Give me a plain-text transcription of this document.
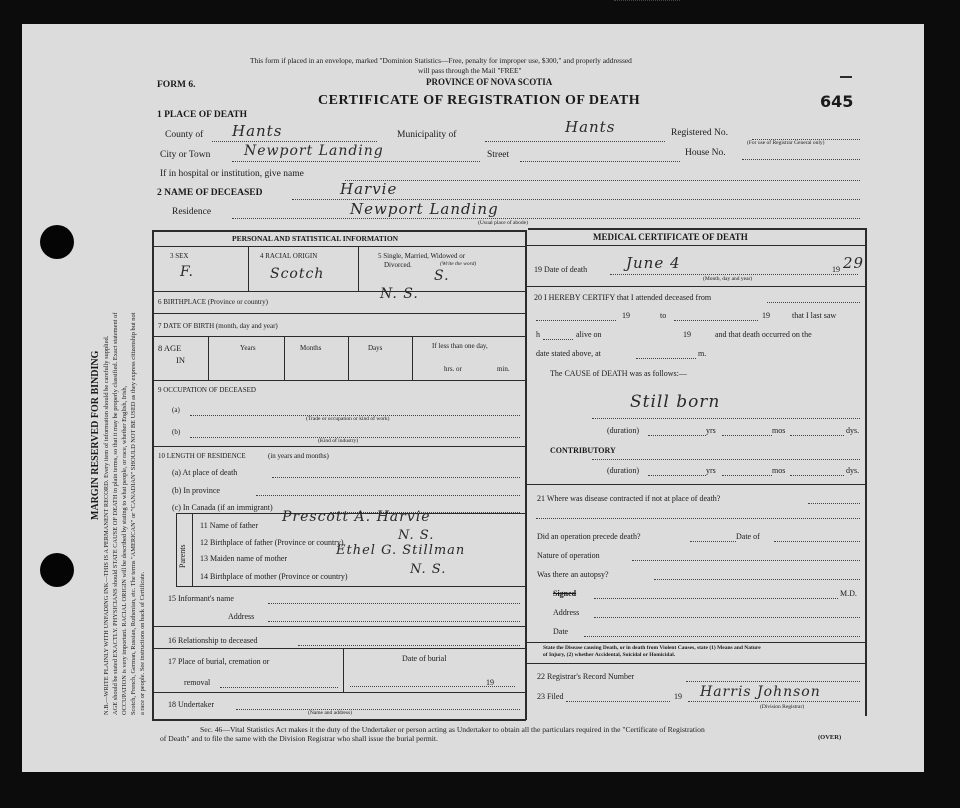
MARGIN RESERVED FOR BINDING N.B.—WRITE PLAINLY WITH UNFADING INK—THIS IS A PERMANENT RECORD. Every item of information should be carefully supplied. AGE should be stated EXACTLY. PHYSICIANS should STATE CAUSE OF DEATH in plain terms, so that it may be properly classified. Exact statement of OCCUPATION is very important. RACIAL ORIGIN will be described by stating to what people, or race, whether English, Irish, Scotch, French, German, Russian, Ruthenian, etc. The terms "AMERICAN" or "CANADIAN" SHOULD NOT BE USED as they express citizenship but not a race or people. See instructions on back of Certificate.
This form if placed in an envelope, marked "Dominion Statistics—Free, penalty for improper use, $300," and properly addressed
will pass through the Mail "FREE"
PROVINCE OF NOVA SCOTIA
FORM 6.
CERTIFICATE OF REGISTRATION OF DEATH	645
1 PLACE OF DEATH
County of Hants	Municipality of	Hants	Registered No.
(For use of Registrar General only)
City or Town Newport Landing	Street	House No.
If in hospital or institution, give name
2 NAME OF DECEASED	Harvie
Residence	Newport Landing
(Usual place of abode)
PERSONAL AND STATISTICAL INFORMATION
3 SEX
F.
4 RACIAL ORIGIN
Scotch
5 Single, Married, Widowed or
Divorced.	(Write the word)
S.
6 BIRTHPLACE (Province or country)	N. S.
7 DATE OF BIRTH (month, day and year)
8 AGE
IN
Years	Months	Days	If less than one day,
hrs. or	min.
9 OCCUPATION OF DECEASED
(a)
(Trade or occupation or kind of work)
(b)
(Kind of industry)
10 LENGTH OF RESIDENCE	(in years and months)
(a) At place of death
(b) In province
(c) In Canada (if an immigrant)
Parents
11 Name of father
Prescott A. Harvie
12 Birthplace of father (Province or country)	N. S.
13 Maiden name of mother
Ethel G. Stillman
14 Birthplace of mother (Province or country)	N. S.
15 Informant's name
Address
16 Relationship to deceased
17 Place of burial, cremation or
removal
Date of burial
19
18 Undertaker
(Name and address)
MEDICAL CERTIFICATE OF DEATH
19 Date of death	June 4	19 29
(Month, day and year)
20 I HEREBY CERTIFY that I attended deceased from
19	to	19	that I last saw
h	alive on	19	and that death occurred on the
date stated above, at	m.
The CAUSE of DEATH was as follows:—
Still born
(duration)	yrs	mos	dys.
CONTRIBUTORY
(duration)	yrs	mos	dys.
21 Where was disease contracted if not at place of death?
Did an operation precede death?	Date of
Nature of operation
Was there an autopsy?
Signed	M.D.
Address
Date
State the Disease causing Death, or in death from Violent Causes, state (1) Means and Nature
of Injury, (2) whether Accidental, Suicidal or Homicidal.
22 Registrar's Record Number
23 Filed	19 Harris Johnson
(Division Registrar)
Sec. 46—Vital Statistics Act makes it the duty of the Undertaker or person acting as Undertaker to obtain all the particulars required in the "Certificate of Registration
of Death" and to file the same with the Division Registrar who shall issue the burial permit.	(OVER)
